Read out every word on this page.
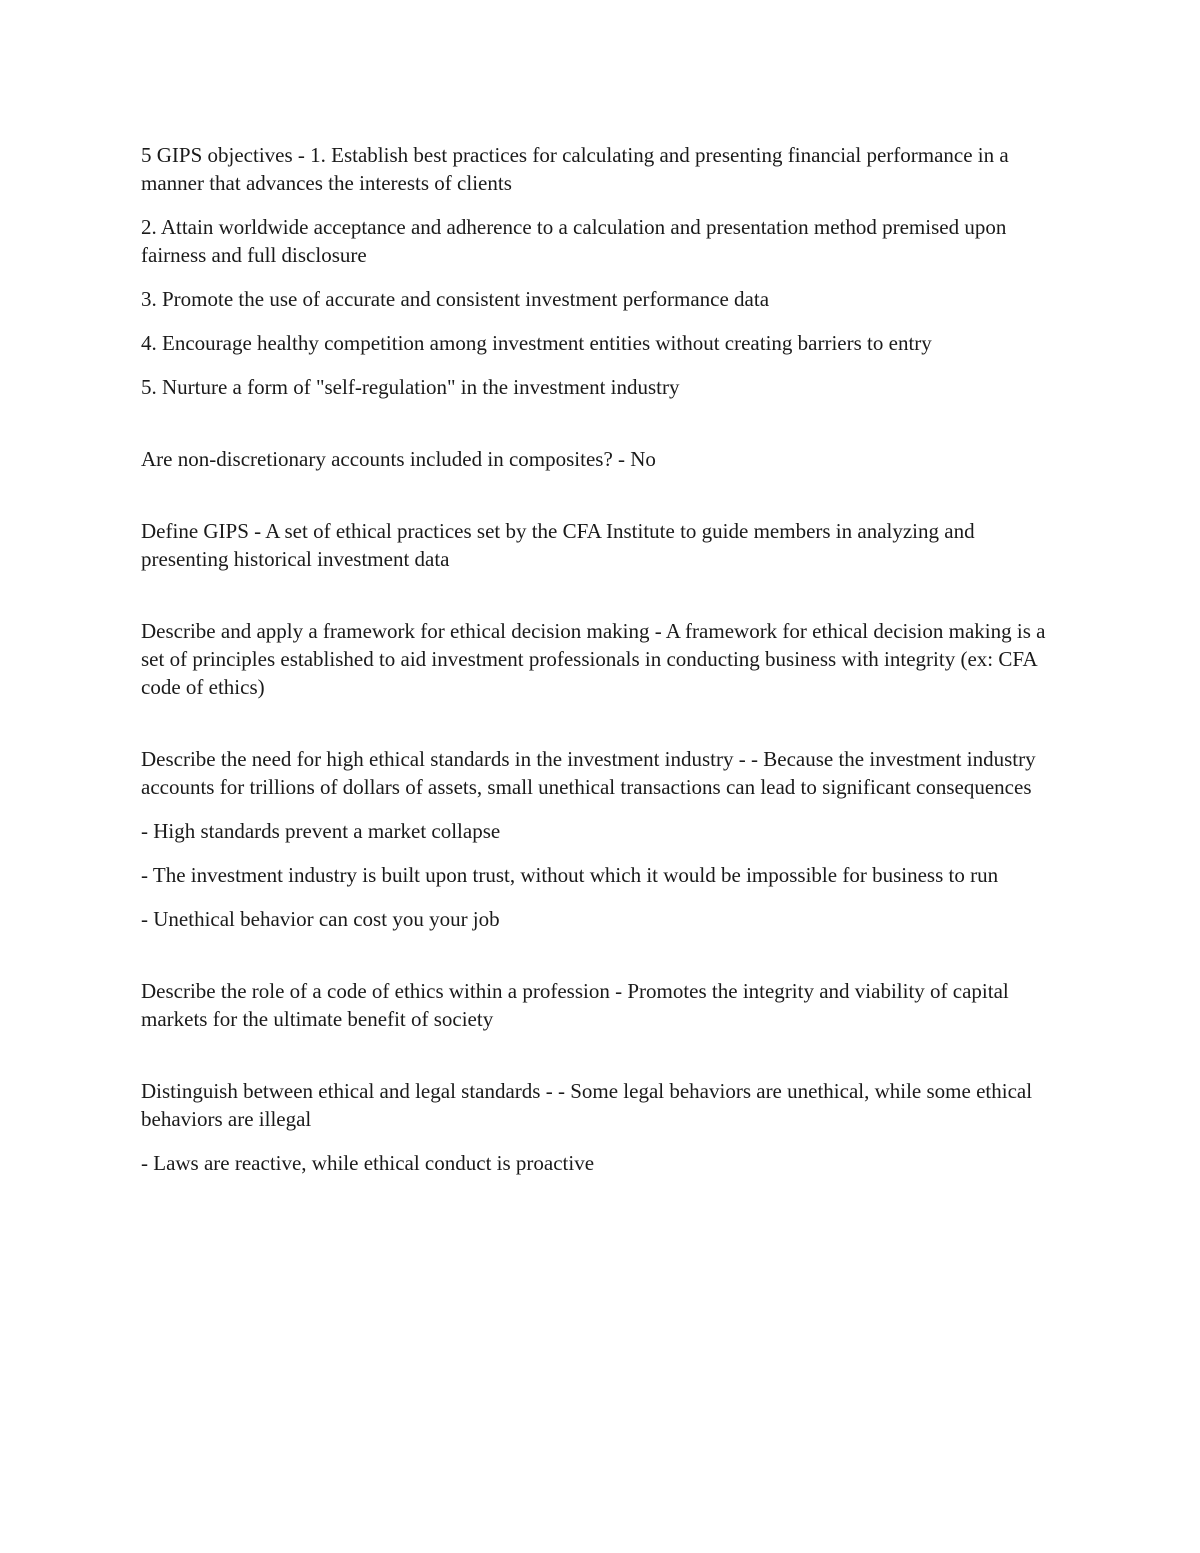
5 GIPS objectives - 1. Establish best practices for calculating and presenting financial performance in a manner that advances the interests of clients

2. Attain worldwide acceptance and adherence to a calculation and presentation method premised upon fairness and full disclosure

3. Promote the use of accurate and consistent investment performance data

4. Encourage healthy competition among investment entities without creating barriers to entry

5. Nurture a form of "self-regulation" in the investment industry

Are non-discretionary accounts included in composites? - No

Define GIPS - A set of ethical practices set by the CFA Institute to guide members in analyzing and presenting historical investment data

Describe and apply a framework for ethical decision making - A framework for ethical decision making is a set of principles established to aid investment professionals in conducting business with integrity (ex: CFA code of ethics)

Describe the need for high ethical standards in the investment industry - - Because the investment industry accounts for trillions of dollars of assets, small unethical transactions can lead to significant consequences

- High standards prevent a market collapse

- The investment industry is built upon trust, without which it would be impossible for business to run

- Unethical behavior can cost you your job

Describe the role of a code of ethics within a profession - Promotes the integrity and viability of capital markets for the ultimate benefit of society

Distinguish between ethical and legal standards - - Some legal behaviors are unethical, while some ethical behaviors are illegal

- Laws are reactive, while ethical conduct is proactive
